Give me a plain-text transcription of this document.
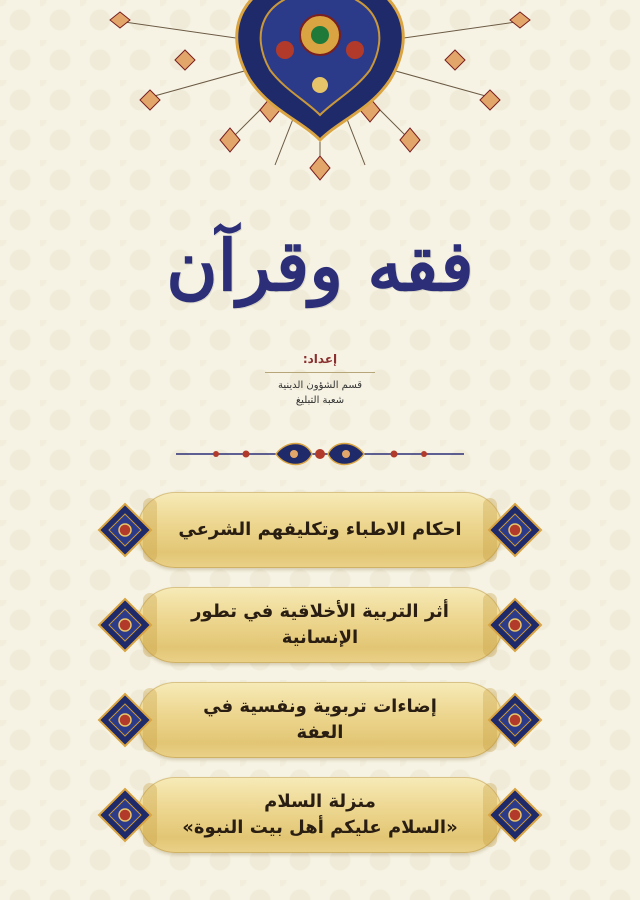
فقه وقرآن
إعداد:
قسم الشؤون الدينية
شعبة التبليغ
احكام الاطباء وتكليفهم الشرعي
أثر التربية الأخلاقية في تطور
الإنسانية
إضاءات تربوية ونفسية في
العفة
منزلة السلام
«السلام عليكم أهل بيت النبوة»
